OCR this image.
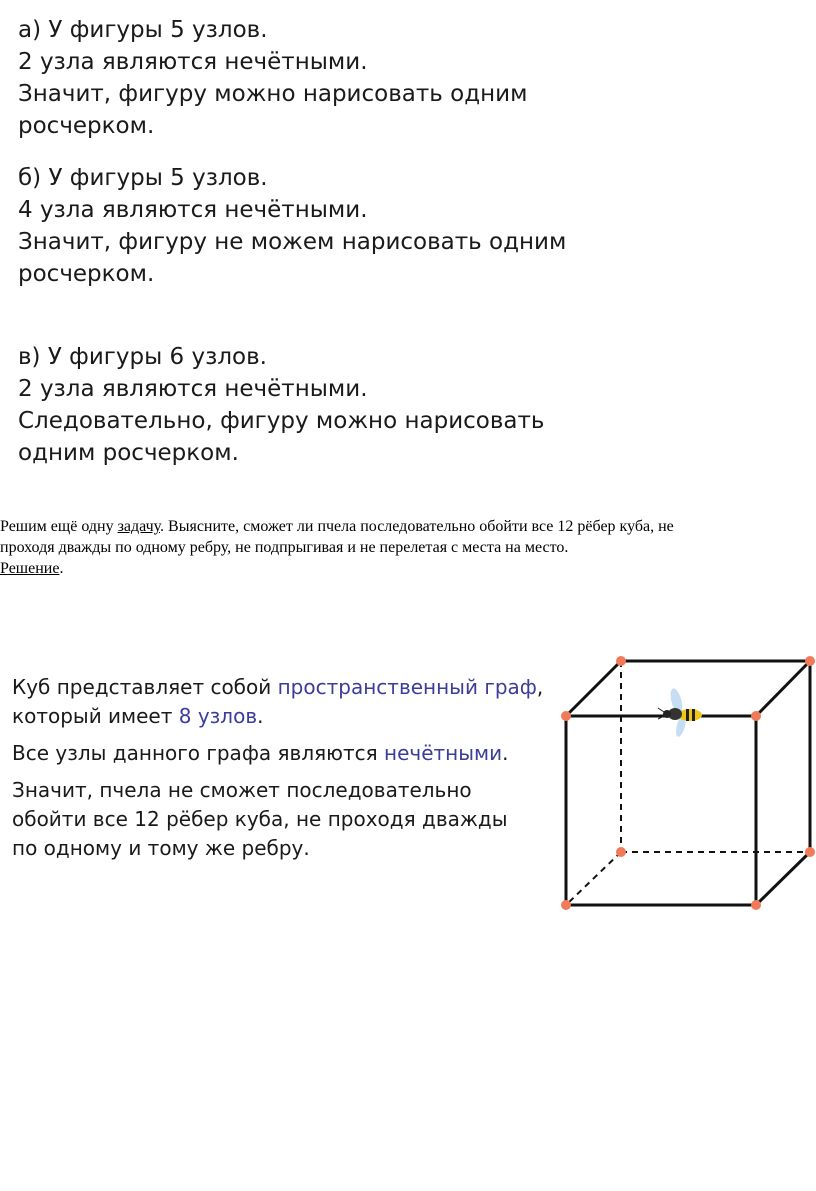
а) У фигуры 5 узлов.

2 узла являются нечётными.

Значит, фигуру можно нарисовать одним

росчерком.

б) У фигуры 5 узлов.

4 узла являются нечётными.

Значит, фигуру не можем нарисовать одним

росчерком.

в) У фигуры 6 узлов.

2 узла являются нечётными.

Следовательно, фигуру можно нарисовать

одним росчерком.

Решим ещё одну задачу. Выясните, сможет ли пчела последовательно обойти все 12 рёбер куба, не

проходя дважды по одному ребру, не подпрыгивая и не перелетая с места на место.

Решение.

Куб представляет собой пространственный граф,
который имеет 8 узлов.

Все узлы данного графа являются нечётными.

Значит, пчела не сможет последовательно
обойти все 12 рёбер куба, не проходя дважды
по одному и тому же ребру.
